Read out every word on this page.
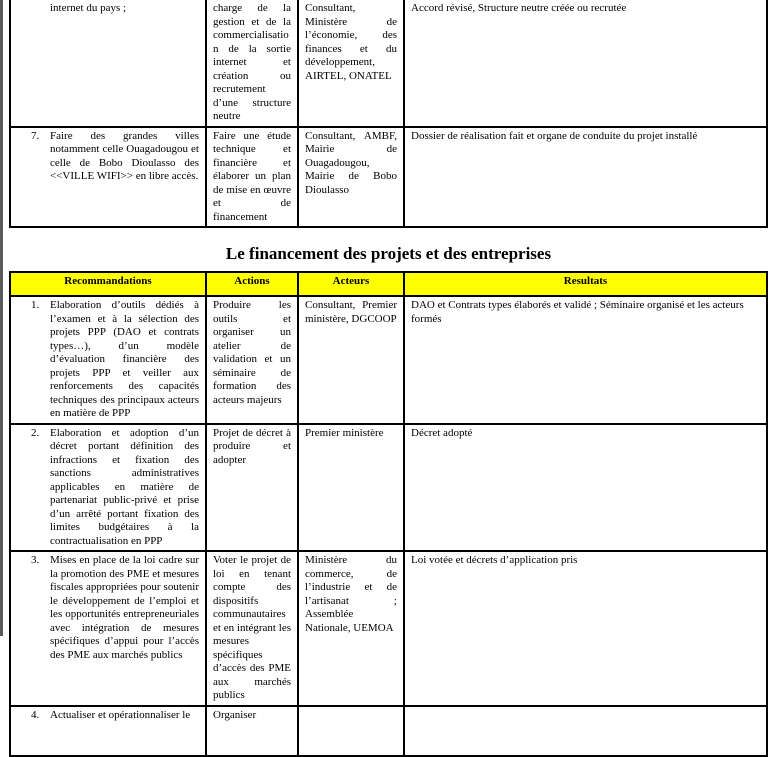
internet du pays ;	charge de la gestion et de la commercialisation de la sortie internet et création ou recrutement d’une structure neutre	Consultant, Ministère de l’économie, des finances et du développement, AIRTEL, ONATEL	Accord révisé, Structure neutre créée ou recrutée

7. Faire des grandes villes notamment celle Ouagadougou et celle de Bobo Dioulasso des <<VILLE WIFI>> en libre accès.	Faire une étude technique et financière et élaborer un plan de mise en œuvre et de financement	Consultant, AMBF, Mairie de Ouagadougou, Mairie de Bobo Dioulasso	Dossier de réalisation fait et organe de conduite du projet installé
Le financement des projets et des entreprises
Recommandations	Actions	Acteurs	Resultats

1. Elaboration d’outils dédiés à l’examen et à la sélection des projets PPP (DAO et contrats types…), d’un modèle d’évaluation financière des projets PPP et veiller aux renforcements des capacités techniques des principaux acteurs en matière de PPP	Produire les outils et organiser un atelier de validation et un séminaire de formation des acteurs majeurs	Consultant, Premier ministère, DGCOOP	DAO et Contrats types élaborés et validé ; Séminaire organisé et les acteurs formés

2. Elaboration et adoption d’un décret portant définition des infractions et fixation des sanctions administratives applicables en matière de partenariat public-privé et prise d’un arrêté portant fixation des limites budgétaires à la contractualisation en PPP	Projet de décret à produire et adopter	Premier ministère	Décret adopté

3. Mises en place de la loi cadre sur la promotion des PME et mesures fiscales appropriées pour soutenir le développement de l’emploi et les opportunités entrepreneuriales avec intégration de mesures spécifiques d’appui pour l’accès des PME aux marchés publics	Voter le projet de loi en tenant compte des dispositifs communautaires et en intégrant les mesures spécifiques d’accès des PME aux marchés publics	Ministère du commerce, de l’industrie et de l’artisanat ; Assemblée Nationale, UEMOA	Loi votée et décrets d’application pris

4. Actualiser et opérationnaliser le	Organiser		
